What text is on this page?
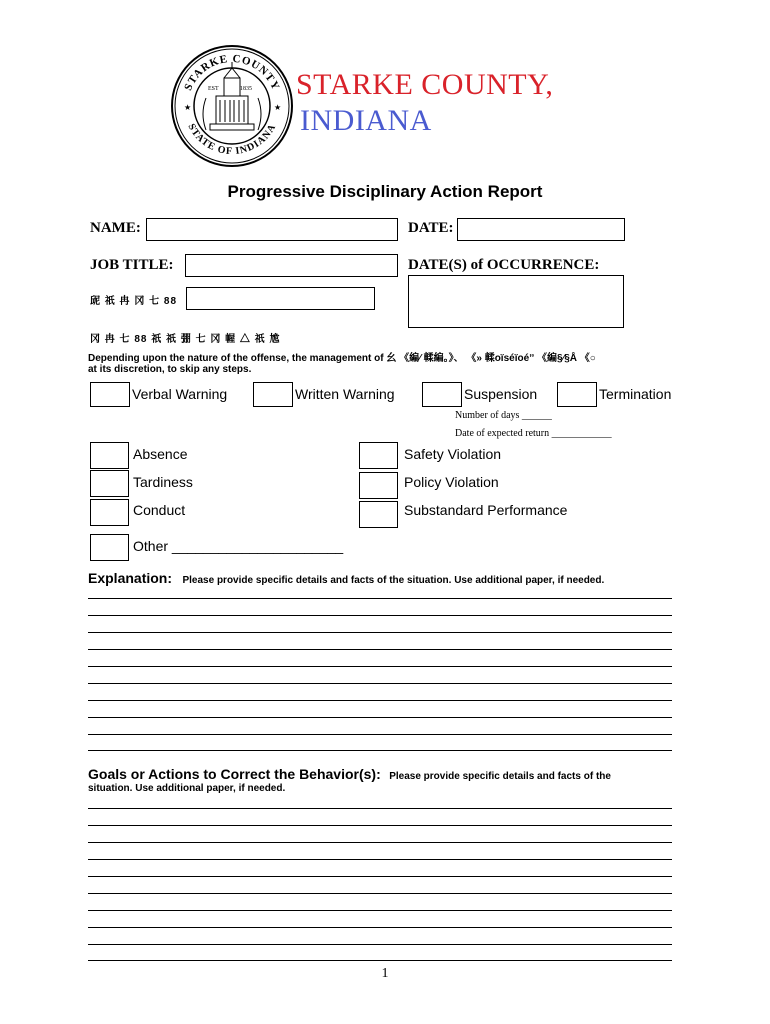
STARKE COUNTY
STATE OF INDIANA
★	★
EST	1835 STARKE COUNTY,
INDIANA
Progressive Disciplinary Action Report
NAME:	DATE:
JOB TITLE:	DATE(S) of OCCURRENCE:
屔 祇 冉 冈 七 88
冈 冉 七 88 祇 祇 弸 七 冈 幄 △ 祇 尯
Depending upon the nature of the offense, the management of 幺 《編⁄ 輮編。》、 《» 輮oїséїoéˮ 《編§⁄§Å 《○
at its discretion, to skip any steps.
Verbal Warning	Written Warning	Suspension	Termination
Number of days ______
Date of expected return ____________
Absence
Tardiness
Conduct
Other ______________________
Safety Violation
Policy Violation
Substandard Performance
Explanation: Please provide specific details and facts of the situation. Use additional paper, if needed.
Goals or Actions to Correct the Behavior(s): Please provide specific details and facts of the
situation. Use additional paper, if needed.
1
